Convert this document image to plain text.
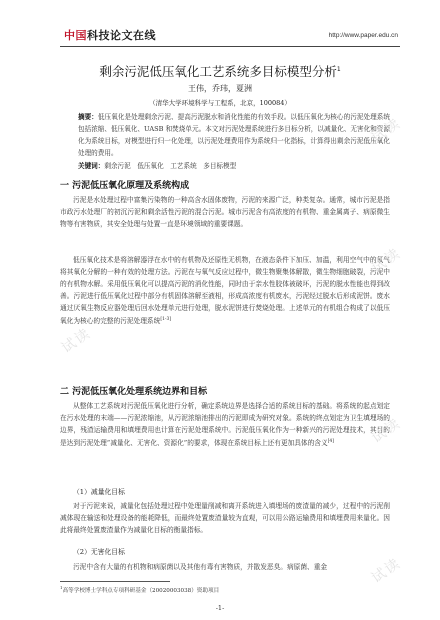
中国科技论文在线	http://www.paper.edu.cn
剩余污泥低压氧化工艺系统多目标模型分析$^1$
王伟，乔玮，夏洲
（清华大学环境科学与工程系，北京，100084）
摘要：低压氧化是处理剩余污泥、提高污泥脱水和消化性能的有效手段。以低压氧化为核心的污泥处理系统包括浓缩、低压氧化、UASB 和焚烧单元。本文对污泥处理系统进行多目标分析，以减量化、无害化和资源化为系统目标，对模型进行归一化处理，以污泥处理费用作为系统归一化指标，计算得出剩余污泥低压氧化处理的费用。
关键词：剩余污泥　低压氧化　工艺系统　多目标模型
一 污泥低压氧化原理及系统构成
污泥是水处理过程中富集污染物的一种高含水固体废物，污泥的来源广泛，种类复杂。通常，城市污泥是指市政污水处理厂的初沉污泥和剩余活性污泥的混合污泥。城市污泥含有高浓度的有机物、重金属离子、病原微生物等有害物质，其安全处理与处置一直是环境领域的重要课题。
低压氧化技术是将溶解器浮在水中的有机物及还原性无机物，在液态条件下加压、加温，利用空气中的氧气将其氧化分解的一种有效的处理方法。污泥在与氧气反应过程中，微生物聚集体解散，微生物细胞破裂，污泥中的有机物水解。采用低压氧化可以提高污泥的消化性能，同时由于亲水性胶体被破坏，污泥的脱水性能也得到改善。污泥进行低压氧化过程中部分有机固体溶解至液相，形成高浓度有机废水，污泥经过脱水后形成泥饼。废水通过厌氧生物反应器处理后回水处理单元进行处理，脱水泥饼进行焚烧处理。上述单元的有机组合构成了以低压氧化为核心的完整的污泥处理系统[1-3]
二 污泥低压氧化处理系统边界和目标
从整体工艺系统对污泥低压氧化进行分析，确定系统边界是选择合适的系统目标的基础。将系统的起点划定在污水处理的末端——污泥浓缩池，从污泥浓缩池排出的污泥即成为研究对象。系统的终点划定为卫生填埋场的边界，残渣运输费用和填埋费用也计算在污泥处理系统中。污泥低压氧化作为一种新兴的污泥处理技术，其目的是达到污泥处理“减量化、无害化、资源化”的要求，体现在系统目标上还有更加具体的含义[4]
（1）减量化目标
对于污泥来说，减量化包括处理过程中处理量削减和离开系统进入填埋场的废渣量的减少，过程中的污泥削减体现在输送和处理设备的能耗降低，而最终处置废渣量较为直观，可以用公路运输费用和填埋费用来量化。因此将最终处置废渣量作为减量化目标的衡量指标。
（2）无害化目标
污泥中含有大量的有机物和病原菌以及其他有毒有害物质，并散发恶臭。病原菌、重金
$^1$高等学校博士学科点专项科研基金（20020003038）资助项目
-1-
试读
试读
试读
试读
试读
